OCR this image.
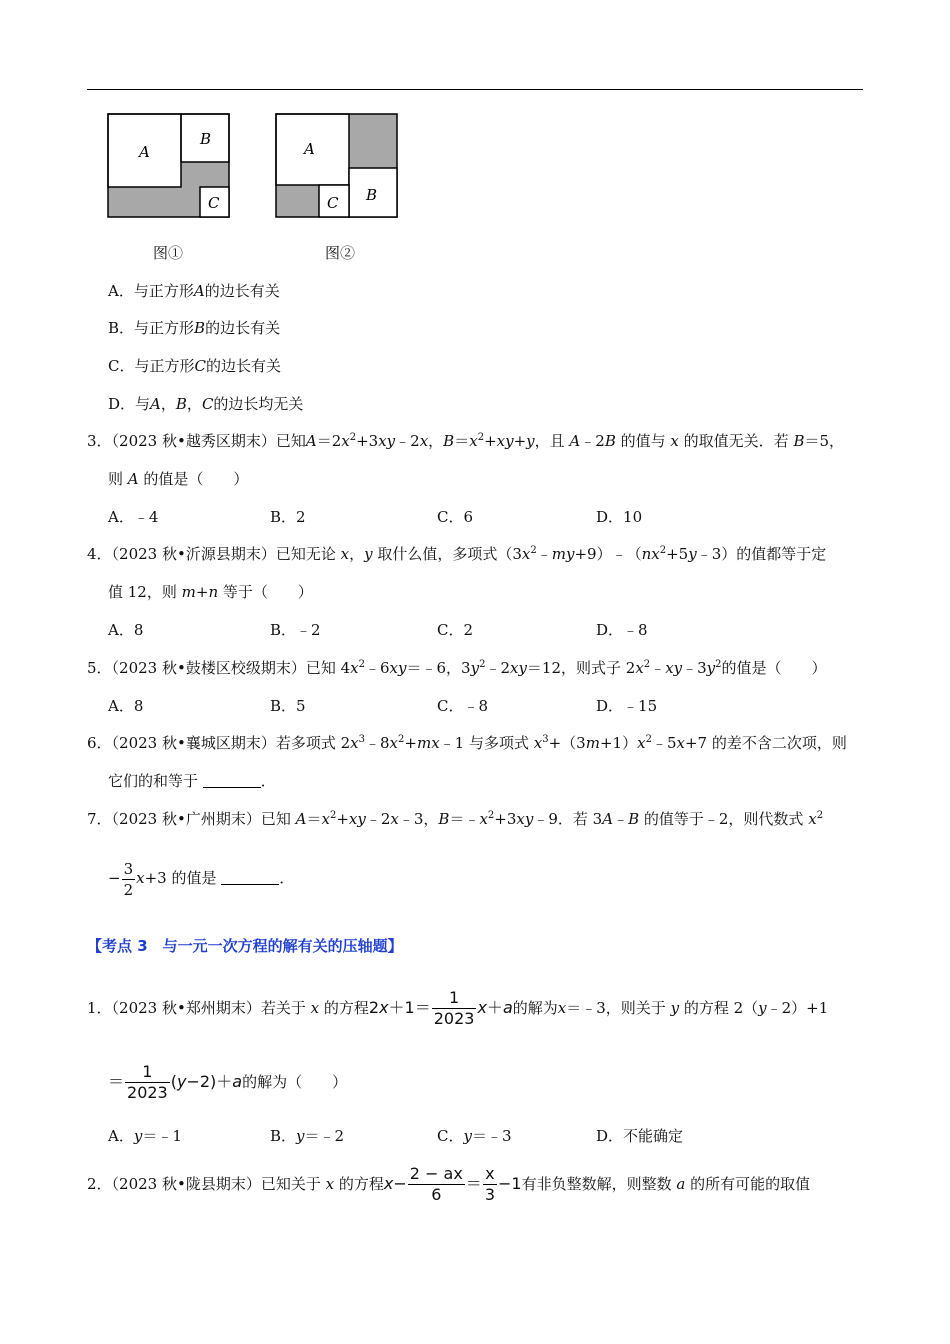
A
B
C
图①
A
B
C
图②
A．与正方形A的边长有关
B．与正方形B的边长有关
C．与正方形C的边长有关
D．与A，B，C的边长均无关
3．（2023 秋•越秀区期末）已知$A=2x^2+3xy﹣2x$，$B=x^2+xy+y$，且 A﹣2B 的值与 x 的取值无关．若 B＝5，
则 A 的值是（　　）
A．﹣4	B．2	C．6	D．10
4．（2023 秋•沂源县期末）已知无论 x，y 取什么值，多项式$(3x^2﹣my+9)﹣(nx^2+5y﹣3)$的值都等于定
值 12，则 m+n 等于（　　）
A．8	B．﹣2	C．2	D．﹣8
5．（2023 秋•鼓楼区校级期末）已知 $4x^2﹣6xy=﹣6$，$3y^2﹣2xy=12$，则式子 $2x^2﹣xy﹣3y^2$的值是（　　）
A．8	B．5	C．﹣8	D．﹣15
6．（2023 秋•襄城区期末）若多项式 $2x^3﹣8x^2+mx﹣1$ 与多项式 $x^3+(3m+1)x^2﹣5x+7$ 的差不含二次项，则
它们的和等于	．
7．（2023 秋•广州期末）已知 $A=x^2+xy﹣2x﹣3$，$B=﹣x^2+3xy﹣9$．若 3A﹣B 的值等于﹣2，则代数式 $x^2$
− $\frac{3}{2} x+3$ 的值是	．
【考点 3　与一元一次方程的解有关的压轴题】
1．（2023 秋•郑州期末）若关于 x 的方程$2x+1= \frac{1}{2023} x+a$的解为x＝﹣3，则关于 y 的方程 2（y﹣2）+1
＝ $\frac{1}{2023} (y-2)+a$的解为（　　）
A．y＝﹣1	B．y＝﹣2	C．y＝﹣3	D．不能确定
2．（2023 秋•陇县期末）已知关于 x 的方程$x- \frac{2 - ax}{6} = \frac{x}{3} -1$有非负整数解，则整数 a 的所有可能的取值
